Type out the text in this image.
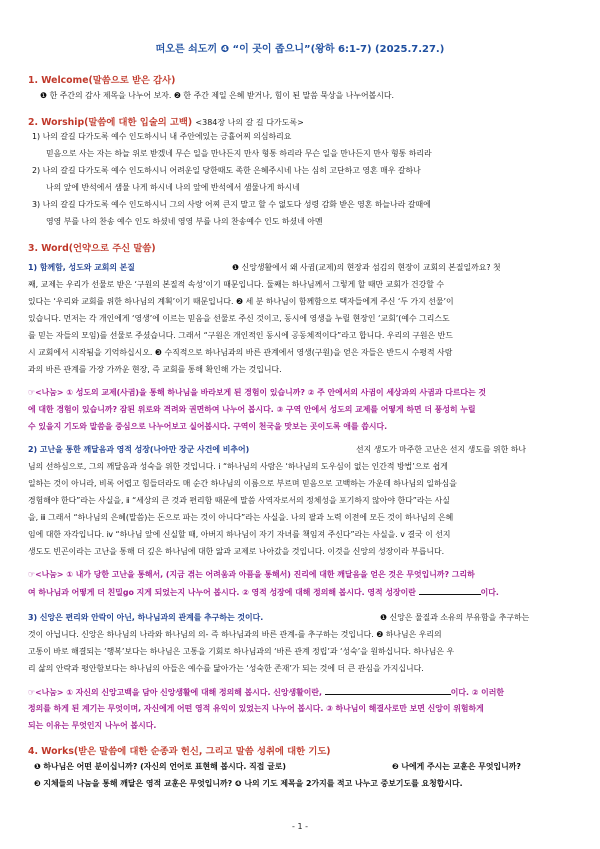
떠오른 쇠도끼 ❹ “이 곳이 좁으니”(왕하 6:1-7) (2025.7.27.)
1. Welcome(말씀으로 받은 감사)
❶ 한 주간의 감사 제목을 나누어 보자. ❷ 한 주간 제일 은혜 받거나, 힘이 된 말씀 묵상을 나누어봅시다.
2. Worship(말씀에 대한 입술의 고백) <384장 나의 갈 길 다가도록>
1) 나의 갈길 다가도록 예수 인도하시니 내 주안에있는 긍휼어찌 의심하리요
믿음으로 사는 자는 하늘 위로 받겠네 무슨 일을 만나든지 만사 형통 하리라 무슨 일을 만나든지 만사 형통 하리라
2) 나의 갈길 다가도록 예수 인도하시니 어려운일 당한때도 족한 은혜주시네 나는 심히 고단하고 영혼 매우 갈하나
나의 앞에 반석에서 샘물 나게 하시네 나의 앞에 반석에서 샘물나게 하시네
3) 나의 갈길 다가도록 예수 인도하시니 그의 사랑 어찌 큰지 말고 할 수 없도다 성령 감화 받은 영혼 하늘나라 갈때에
영영 부를 나의 찬송 예수 인도 하셨네 영영 부를 나의 찬송예수 인도 하셨네 아멘
3. Word(언약으로 주신 말씀)
1) 함께함, 성도와 교회의 본질	❶ 신앙생활에서 왜 사귐(교제)의 현장과 섬김의 현장이 교회의 본질일까요? 첫
째, 교제는 우리가 선물로 받은 ‘구원의 본질적 속성’이기 때문입니다. 둘째는 하나님께서 그렇게 할 때만 교회가 건강할 수
있다는 ‘우리와 교회를 위한 하나님의 계획’이기 때문입니다. ❷ 세 분 하나님이 함께함으로 택자들에게 주신 ‘두 가지 선물’이
있습니다. 먼저는 각 개인에게 ‘영생’에 이르는 믿음을 선물로 주신 것이고, 동시에 영생을 누릴 현장인 ‘교회’(예수 그리스도
를 믿는 자들의 모임)를 선물로 주셨습니다. 그래서 “구원은 개인적인 동시에 공동체적이다”라고 합니다. 우리의 구원은 반드
시 교회에서 시작됨을 기억하십시오. ❸ 수직적으로 하나님과의 바른 관계에서 영생(구원)을 얻은 자들은 반드시 수평적 사람
과의 바른 관계를 가장 가까운 현장, 즉 교회를 통해 확인해 가는 것입니다.
☞<나눔> ① 성도의 교제(사귐)을 통해 하나님을 바라보게 된 경험이 있습니까? ② 주 안에서의 사귐이 세상과의 사귐과 다르다는 것
에 대한 경험이 있습니까? 잠된 위로와 격려와 권면하여 나누어 봅시다. ③ 구역 안에서 성도의 교제를 어떻게 하면 더 풍성히 누릴
수 있을지 기도와 말씀을 중심으로 나누어보고 실어봅시다. 구역이 천국을 맛보는 곳이도록 애를 씁시다.
2) 고난을 통한 깨달음과 영적 성장(나아만 장군 사건에 비추어)	선지 생도가 마주한 고난은 선지 생도를 위한 하나
님의 선하심으로, 그의 깨달음과 성숙을 위한 것입니다. ⅰ “하나님의 사람은 ‘하나님의 도우심이 없는 인간적 방법’으로 쉽게
일하는 것이 아니라, 비록 어렵고 힘들더라도 매 순간 하나님의 이름으로 부르며 믿음으로 고백하는 가운데 하나님의 일하심을
경험해야 한다”라는 사실을, ⅱ “세상의 큰 것과 편리함 때문에 말씀 사역자로서의 정체성을 포기하지 않아야 한다”라는 사실
을, ⅲ 그래서 “하나님의 은혜(말씀)는 돈으로 파는 것이 아니다”라는 사실을. 나의 팔과 노력 이전에 모든 것이 하나님의 은혜
임에 대한 자각입니다. ⅳ “하나님 앞에 신실할 때, 아버지 하나님이 자기 자녀를 책임져 주신다”라는 사실을. ⅴ 결국 이 선지
생도도 빈곤이라는 고난을 통해 더 깊은 하나님에 대한 앎과 교제로 나아갔을 것입니다. 이것을 신앙의 성장이라 부릅니다.
☞<나눔> ① 내가 당한 고난을 통해서, (지금 겪는 어려움과 아픔을 통해서) 진리에 대한 깨달음을 얻은 것은 무엇입니까? 그리하
여 하나님과 어떻게 더 친밀go 지게 되었는지 나누어 봅시다. ② 영적 성장에 대해 정의해 봅시다. 영적 성장이란	이다.
3) 신앙은 편리와 안락이 아닌, 하나님과의 관계를 추구하는 것이다.	❶ 신앙은 물질과 소유의 부유함을 추구하는
것이 아닙니다. 신앙은 하나님의 나라와 하나님의 의- 즉 하나님과의 바른 관계-를 추구하는 것입니다. ❷ 하나님은 우리의
고통이 바로 해결되는 ‘행복’보다는 하나님은 고통을 기회로 하나님과의 ‘바른 관계 정립’과 ‘성숙’을 원하십니다. 하나님은 우
리 삶의 안락과 평안함보다는 하나님의 아들은 예수를 닮아가는 ‘성숙한 존재’가 되는 것에 더 큰 관심을 가지십니다.
☞<나눔> ① 자신의 신앙고백을 담아 신앙생활에 대해 정의해 봅시다. 신앙생활이란,	이다. ② 이러한
정의를 하게 된 계기는 무엇이며, 자신에게 어떤 영적 유익이 있었는지 나누어 봅시다. ③ 하나님이 해결사로만 보면 신앙이 위험하게
되는 이유는 무엇인지 나누어 봅시다.
4. Works(받은 말씀에 대한 순종과 헌신, 그리고 말씀 성취에 대한 기도)
❶ 하나님은 어떤 분이십니까? (자신의 언어로 표현해 봅시다. 직접 글로)	❷ 나에게 주시는 교훈은 무엇입니까?
❸ 지체들의 나눔을 통해 깨달은 영적 교훈은 무엇입니까? ❹ 나의 기도 제목을 2가지를 적고 나누고 중보기도를 요청합시다.
- 1 -
